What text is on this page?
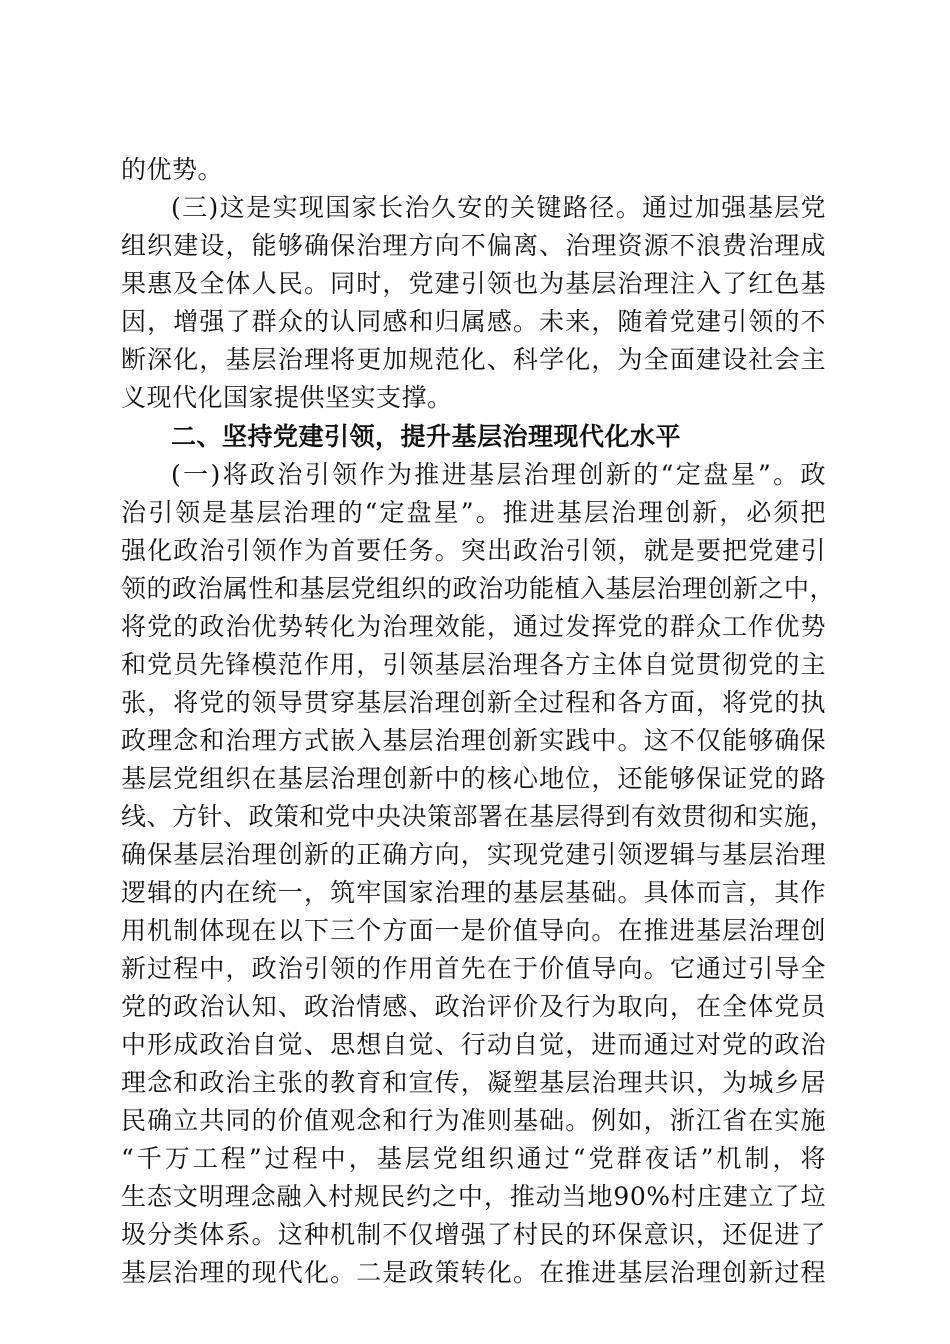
的优势。
(三)这是实现国家长治久安的关键路径。通过加强基层党
组织建设，能够确保治理方向不偏离、治理资源不浪费治理成
果惠及全体人民。同时，党建引领也为基层治理注入了红色基
因，增强了群众的认同感和归属感。未来，随着党建引领的不
断深化，基层治理将更加规范化、科学化，为全面建设社会主
义现代化国家提供坚实支撑。
二、坚持党建引领，提升基层治理现代化水平
(一)将政治引领作为推进基层治理创新的“定盘星”。政
治引领是基层治理的“定盘星”。推进基层治理创新，必须把
强化政治引领作为首要任务。突出政治引领，就是要把党建引
领的政治属性和基层党组织的政治功能植入基层治理创新之中，
将党的政治优势转化为治理效能，通过发挥党的群众工作优势
和党员先锋模范作用，引领基层治理各方主体自觉贯彻党的主
张，将党的领导贯穿基层治理创新全过程和各方面，将党的执
政理念和治理方式嵌入基层治理创新实践中。这不仅能够确保
基层党组织在基层治理创新中的核心地位，还能够保证党的路
线、方针、政策和党中央决策部署在基层得到有效贯彻和实施，
确保基层治理创新的正确方向，实现党建引领逻辑与基层治理
逻辑的内在统一，筑牢国家治理的基层基础。具体而言，其作
用机制体现在以下三个方面一是价值导向。在推进基层治理创
新过程中，政治引领的作用首先在于价值导向。它通过引导全
党的政治认知、政治情感、政治评价及行为取向，在全体党员
中形成政治自觉、思想自觉、行动自觉，进而通过对党的政治
理念和政治主张的教育和宣传，凝塑基层治理共识，为城乡居
民确立共同的价值观念和行为准则基础。例如，浙江省在实施
“千万工程”过程中，基层党组织通过“党群夜话”机制，将
生态文明理念融入村规民约之中，推动当地90%村庄建立了垃
圾分类体系。这种机制不仅增强了村民的环保意识，还促进了
基层治理的现代化。二是政策转化。在推进基层治理创新过程
